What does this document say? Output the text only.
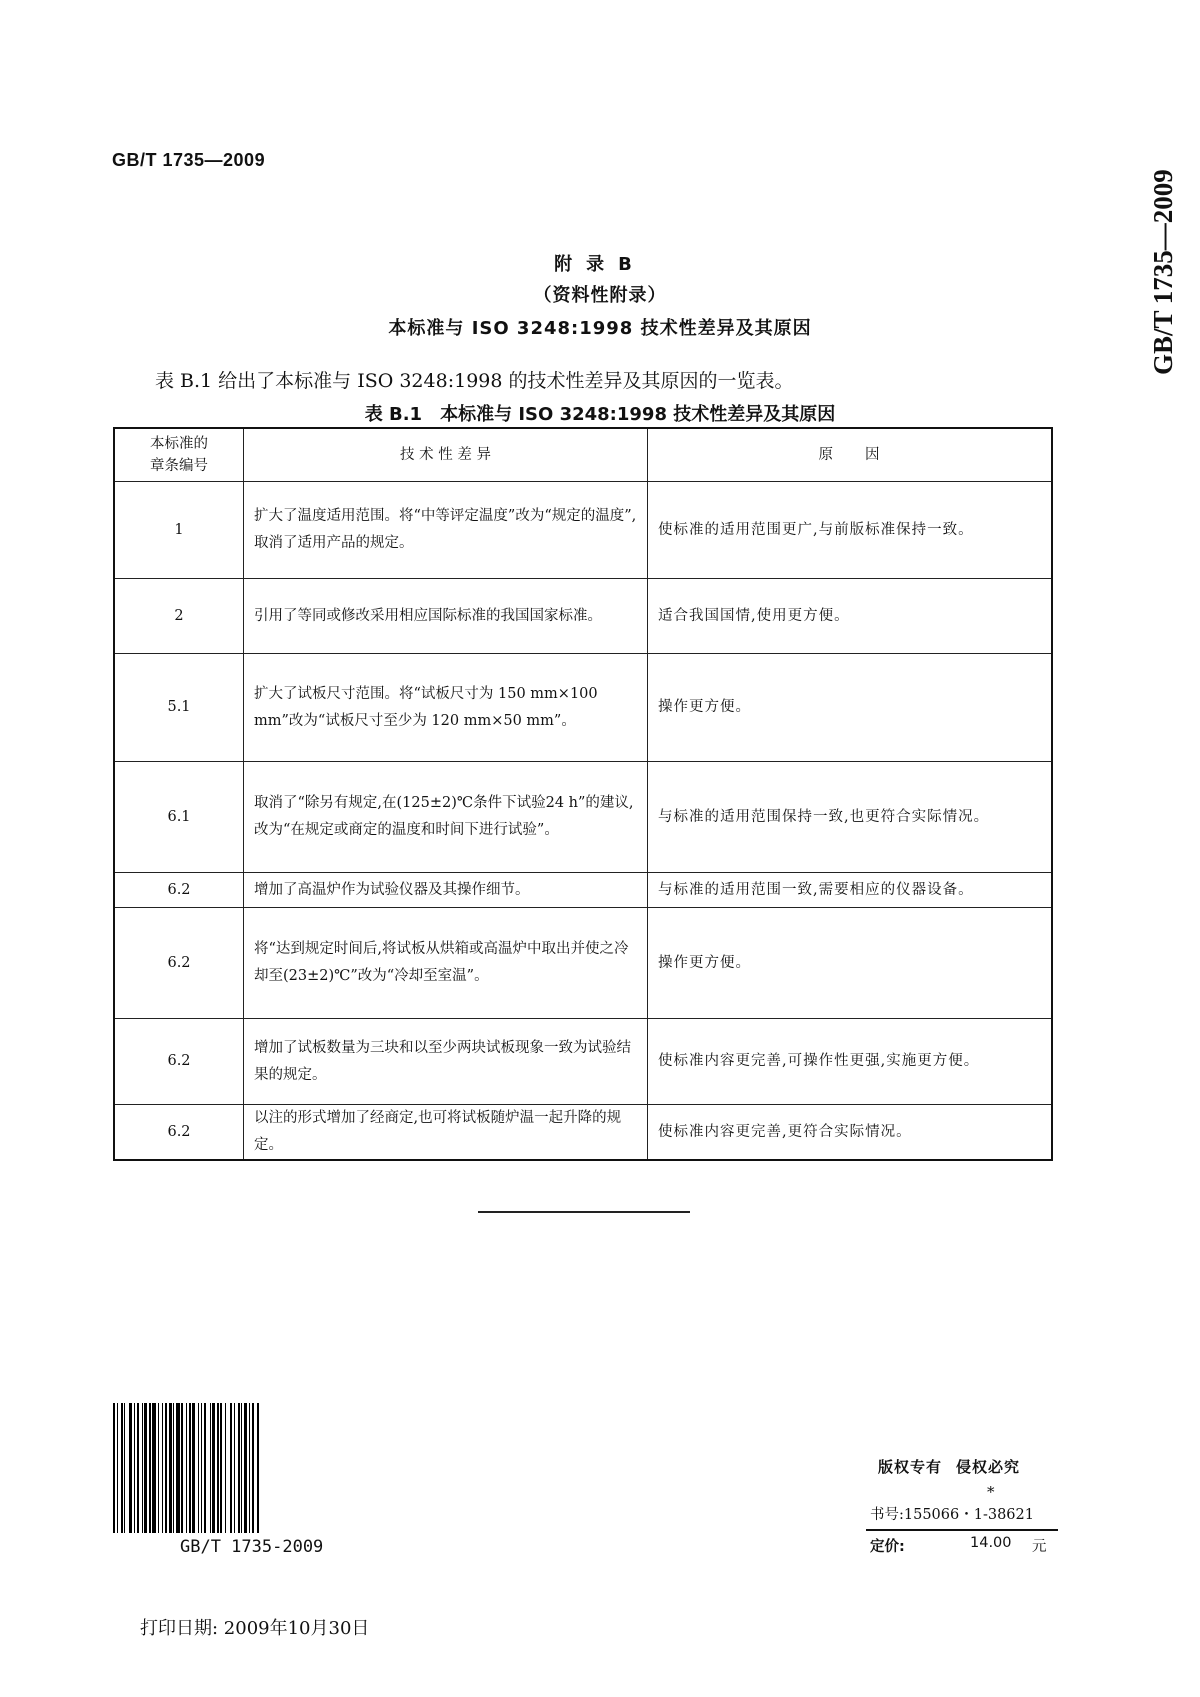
GB/T 1735—2009
GB/T 1735—2009
附录B
（资料性附录）
本标准与 ISO 3248:1998 技术性差异及其原因
表 B.1 给出了本标准与 ISO 3248:1998 的技术性差异及其原因的一览表。
表 B.1　本标准与 ISO 3248:1998 技术性差异及其原因
本标准的
章条编号	技 术 性 差 异	原　　因
1	扩大了温度适用范围。将“中等评定温度”改为“规定的温度”,取消了适用产品的规定。	使标准的适用范围更广,与前版标准保持一致。
2	引用了等同或修改采用相应国际标准的我国国家标准。	适合我国国情,使用更方便。
5.1	扩大了试板尺寸范围。将“试板尺寸为 150 mm×100 mm”改为“试板尺寸至少为 120 mm×50 mm”。	操作更方便。
6.1	取消了“除另有规定,在(125±2)℃条件下试验24 h”的建议,改为“在规定或商定的温度和时间下进行试验”。	与标准的适用范围保持一致,也更符合实际情况。
6.2	增加了高温炉作为试验仪器及其操作细节。	与标准的适用范围一致,需要相应的仪器设备。
6.2	将“达到规定时间后,将试板从烘箱或高温炉中取出并使之冷却至(23±2)℃”改为“冷却至室温”。	操作更方便。
6.2	增加了试板数量为三块和以至少两块试板现象一致为试验结果的规定。	使标准内容更完善,可操作性更强,实施更方便。
6.2	以注的形式增加了经商定,也可将试板随炉温一起升降的规定。	使标准内容更完善,更符合实际情况。
GB/T 1735-2009
版权专有 侵权必究
*
书号:155066・1-38621
定价:	14.00 元
打印日期: 2009年10月30日
